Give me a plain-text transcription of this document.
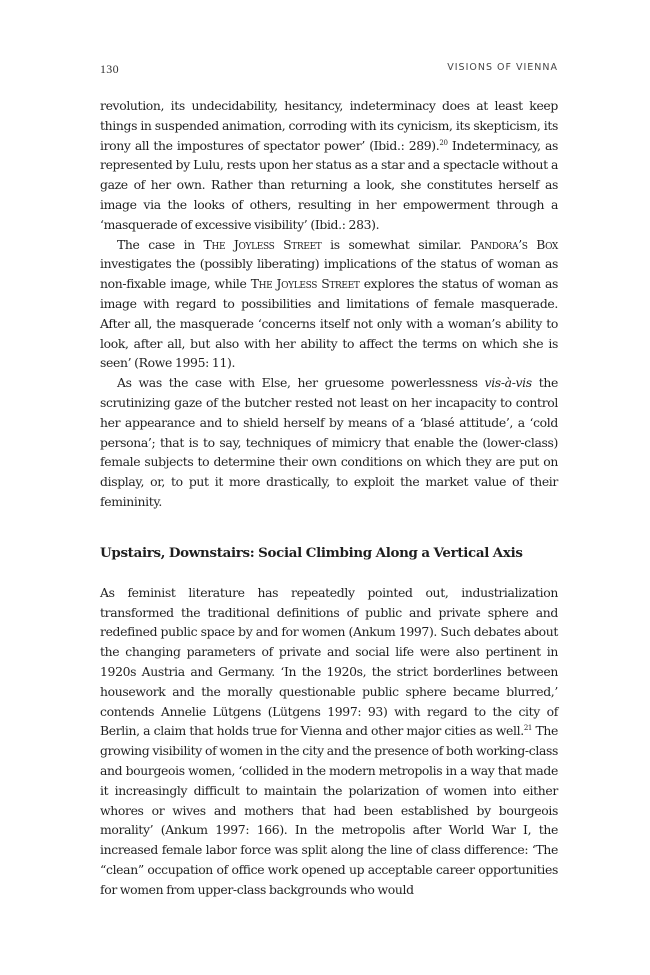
130	VISIONS OF VIENNA

revolution, its undecidability, hesitancy, indeterminacy does at least keep things in suspended animation, corroding with its cynicism, its skepticism, its irony all the impostures of spectator power’ (Ibid.: 289).$^{20}$ Indeterminacy, as represented by Lulu, rests upon her status as a star and a spectacle without a gaze of her own. Rather than returning a look, she constitutes herself as image via the looks of others, resulting in her empowerment through a ‘masquerade of excessive visibility’ (Ibid.: 283).

The case in The Joyless Street is somewhat similar. Pandora’s Box investigates the (possibly liberating) implications of the status of woman as non-fixable image, while The Joyless Street explores the status of woman as image with regard to possibilities and limitations of female masquerade. After all, the masquerade ‘concerns itself not only with a woman’s ability to look, after all, but also with her ability to affect the terms on which she is seen’ (Rowe 1995: 11).

As was the case with Else, her gruesome powerlessness vis-à-vis the scrutinizing gaze of the butcher rested not least on her incapacity to control her appearance and to shield herself by means of a ‘blasé attitude’, a ‘cold persona’; that is to say, techniques of mimicry that enable the (lower-class) female subjects to determine their own conditions on which they are put on display, or, to put it more drastically, to exploit the market value of their femininity.

Upstairs, Downstairs: Social Climbing Along a Vertical Axis

As feminist literature has repeatedly pointed out, industrialization transformed the traditional definitions of public and private sphere and redefined public space by and for women (Ankum 1997). Such debates about the changing parameters of private and social life were also pertinent in 1920s Austria and Germany. ‘In the 1920s, the strict borderlines between housework and the morally questionable public sphere became blurred,’ contends Annelie Lütgens (Lütgens 1997: 93) with regard to the city of Berlin, a claim that holds true for Vienna and other major cities as well.$^{21}$ The growing visibility of women in the city and the presence of both working-class and bourgeois women, ‘collided in the modern metropolis in a way that made it increasingly difficult to maintain the polarization of women into either whores or wives and mothers that had been established by bourgeois morality’ (Ankum 1997: 166). In the metropolis after World War I, the increased female labor force was split along the line of class difference: ‘The “clean” occupation of office work opened up acceptable career opportunities for women from upper-class backgrounds who would
